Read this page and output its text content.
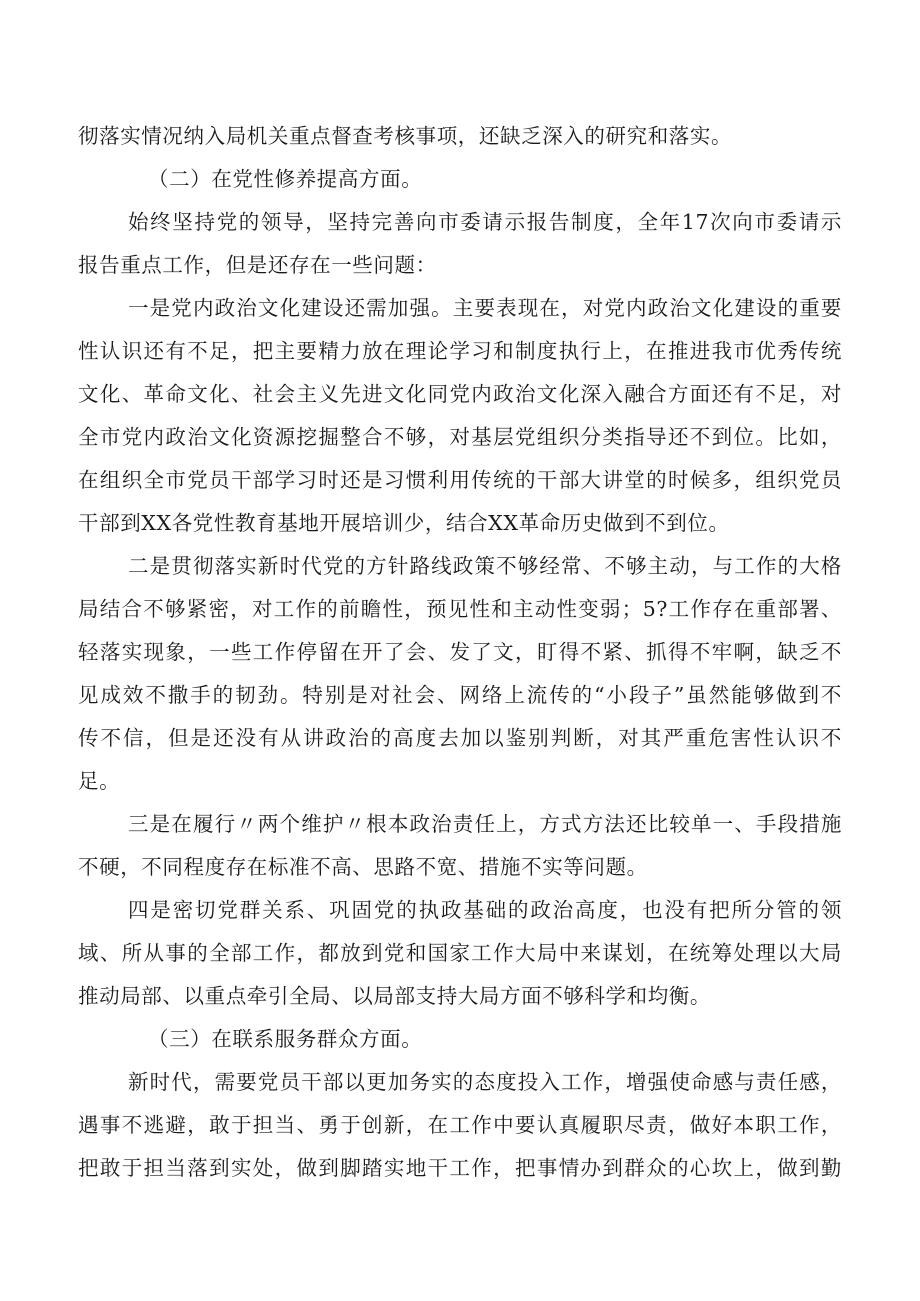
彻落实情况纳入局机关重点督查考核事项，还缺乏深入的研究和落实。
（二）在党性修养提高方面。
始终坚持党的领导，坚持完善向市委请示报告制度，全年17次向市委请示
报告重点工作，但是还存在一些问题：
一是党内政治文化建设还需加强。主要表现在，对党内政治文化建设的重要
性认识还有不足，把主要精力放在理论学习和制度执行上，在推进我市优秀传统
文化、革命文化、社会主义先进文化同党内政治文化深入融合方面还有不足，对
全市党内政治文化资源挖掘整合不够，对基层党组织分类指导还不到位。比如，
在组织全市党员干部学习时还是习惯利用传统的干部大讲堂的时候多，组织党员
干部到XX各党性教育基地开展培训少，结合XX革命历史做到不到位。
二是贯彻落实新时代党的方针路线政策不够经常、不够主动，与工作的大格
局结合不够紧密，对工作的前瞻性，预见性和主动性变弱；5?工作存在重部署、
轻落实现象，一些工作停留在开了会、发了文，盯得不紧、抓得不牢啊，缺乏不
见成效不撒手的韧劲。特别是对社会、网络上流传的“小段子”虽然能够做到不
传不信，但是还没有从讲政治的高度去加以鉴别判断，对其严重危害性认识不
足。
三是在履行〃两个维护〃根本政治责任上，方式方法还比较单一、手段措施
不硬，不同程度存在标准不高、思路不宽、措施不实等问题。
四是密切党群关系、巩固党的执政基础的政治高度，也没有把所分管的领
域、所从事的全部工作，都放到党和国家工作大局中来谋划，在统筹处理以大局
推动局部、以重点牵引全局、以局部支持大局方面不够科学和均衡。
（三）在联系服务群众方面。
新时代，需要党员干部以更加务实的态度投入工作，增强使命感与责任感，
遇事不逃避，敢于担当、勇于创新，在工作中要认真履职尽责，做好本职工作，
把敢于担当落到实处，做到脚踏实地干工作，把事情办到群众的心坎上，做到勤
